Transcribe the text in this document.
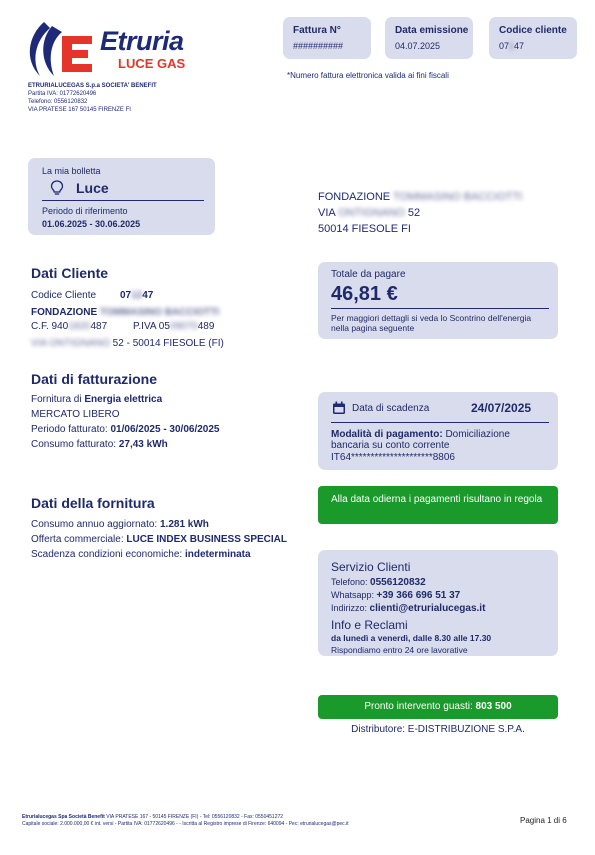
Etruria
LUCE GAS
ETRURIALUCEGAS S.p.a SOCIETA' BENEFIT
Partita IVA: 01772620496
Telefono: 0556120832
VIA PRATESE 167 50145 FIRENZE FI
Fattura N°
##########
Data emissione
04.07.2025
Codice cliente
07147
*Numero fattura elettronica valida ai fini fiscali
La mia bolletta
Luce
Periodo di riferimento
01.06.2025 - 30.06.2025
FONDAZIONE TOMMASINO BACCIOTTI
VIA ONTIGNANO 52
50014 FIESOLE FI
Dati Cliente
Codice Cliente 071247
FONDAZIONE TOMMASINO BACCIOTTI
C.F. 9401820487	P.IVA 0509070489
VIA ONTIGNANO 52 - 50014 FIESOLE (FI)
Totale da pagare
46,81 €
Per maggiori dettagli si veda lo Scontrino dell'energia nella pagina seguente
Dati di fatturazione
Fornitura di Energia elettrica
MERCATO LIBERO
Periodo fatturato: 01/06/2025 - 30/06/2025
Consumo fatturato: 27,43 kWh
Data di scadenza	24/07/2025
Modalità di pagamento: Domiciliazione bancaria su conto corrente
IT64*********************8806
Alla data odierna i pagamenti risultano in regola
Dati della fornitura
Consumo annuo aggiornato: 1.281 kWh
Offerta commerciale: LUCE INDEX BUSINESS SPECIAL
Scadenza condizioni economiche: indeterminata
Servizio Clienti
Telefono: 0556120832
Whatsapp: +39 366 696 51 37
Indirizzo: clienti@etrurialucegas.it
Info e Reclami
da lunedì a venerdì, dalle 8.30 alle 17.30
Rispondiamo entro 24 ore lavorative
Pronto intervento guasti: 803 500
Distributore: E-DISTRIBUZIONE S.P.A.
Etrurialucegas Spa Società Benefit VIA PRATESE 167 - 50145 FIRENZE (FI) - Tel: 0556120832 - Fax: 0550451272
Capitale sociale: 2.000.000,00 € int. versi - Partita IVA: 01772620496 - - Iscritta al Registro imprese di Firenze: 640094 - Pec: etrurialucegas@pec.it	Pagina 1 di 6
